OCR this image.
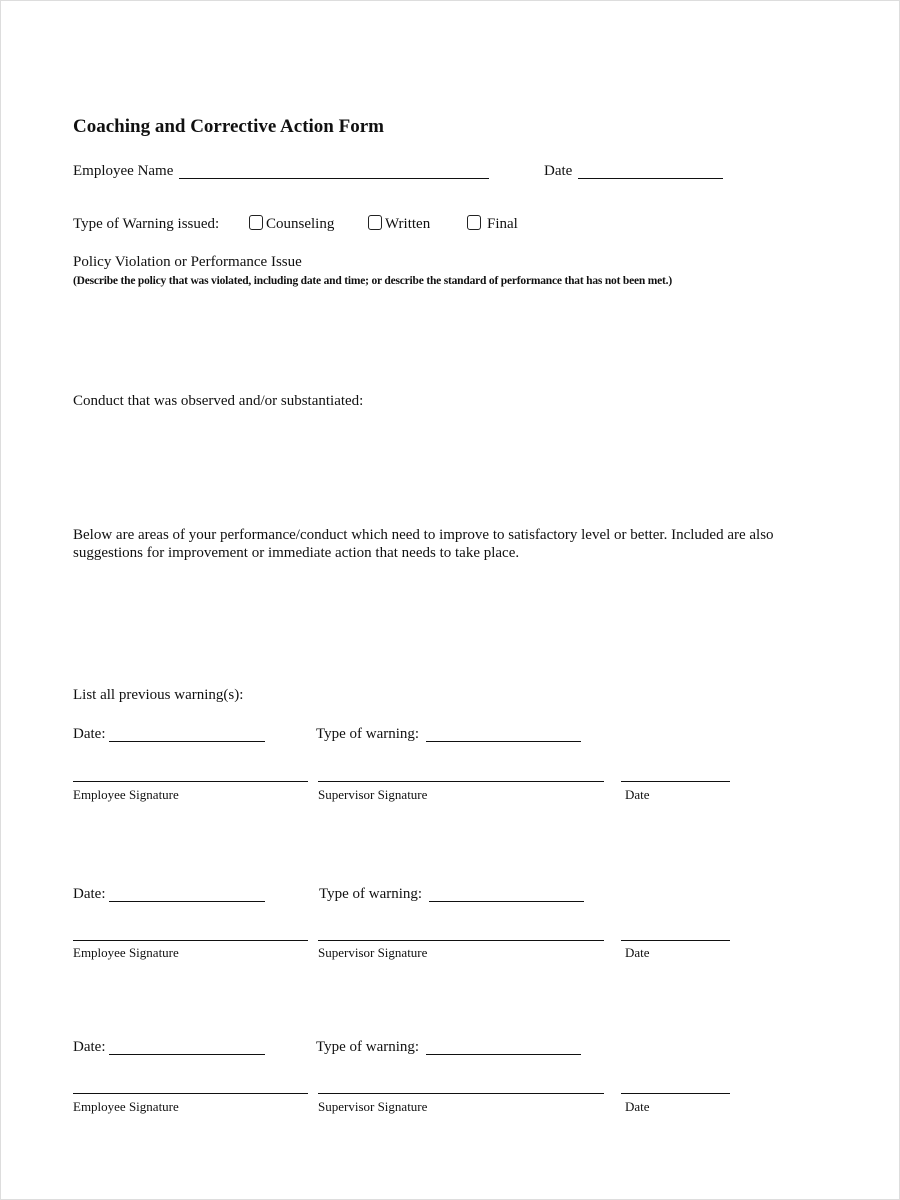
Coaching and Corrective Action Form
Employee Name	Date
Type of Warning issued:	Counseling	Written	Final
Policy Violation or Performance Issue
(Describe the policy that was violated, including date and time; or describe the standard of performance that has not been met.)
Conduct that was observed and/or substantiated:
Below are areas of your performance/conduct which need to improve to satisfactory level or better. Included are also
suggestions for improvement or immediate action that needs to take place.
List all previous warning(s):
Date:	Type of warning:
Employee Signature	Supervisor Signature	Date
Date:	Type of warning:
Employee Signature	Supervisor Signature	Date
Date:	Type of warning:
Employee Signature	Supervisor Signature	Date
